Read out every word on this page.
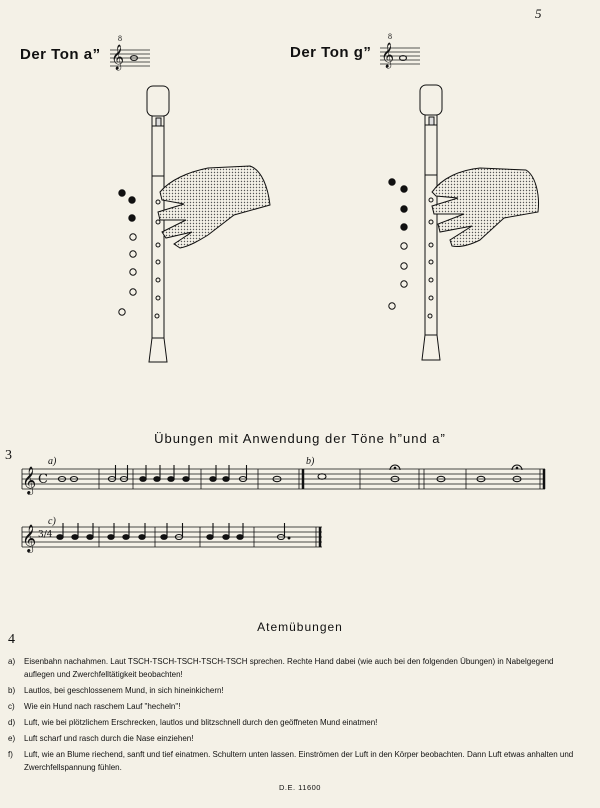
5
Der Ton a”	Der Ton g”
𝄞	𝄞
8	8
Übungen mit Anwendung der Töne h”und a”
3	a)	b)
c)
𝄞 C
𝄞 3/4
Atemübungen
4
a)	Eisenbahn nachahmen. Laut TSCH-TSCH-TSCH-TSCH-TSCH sprechen. Rechte Hand dabei (wie auch bei den folgenden Übungen) in Nabelgegend auflegen und Zwerchfelltätigkeit beobachten!
b)	Lautlos, bei geschlossenem Mund, in sich hineinkichern!
c)	Wie ein Hund nach raschem Lauf "hecheln"!
d)	Luft, wie bei plötzlichem Erschrecken, lautlos und blitzschnell durch den geöffneten Mund einatmen!
e)	Luft scharf und rasch durch die Nase einziehen!
f)	Luft, wie an Blume riechend, sanft und tief einatmen. Schultern unten lassen. Einströmen der Luft in den Körper beobachten. Dann Luft etwas anhalten und Zwerchfellspannung fühlen.
D.E. 11600
